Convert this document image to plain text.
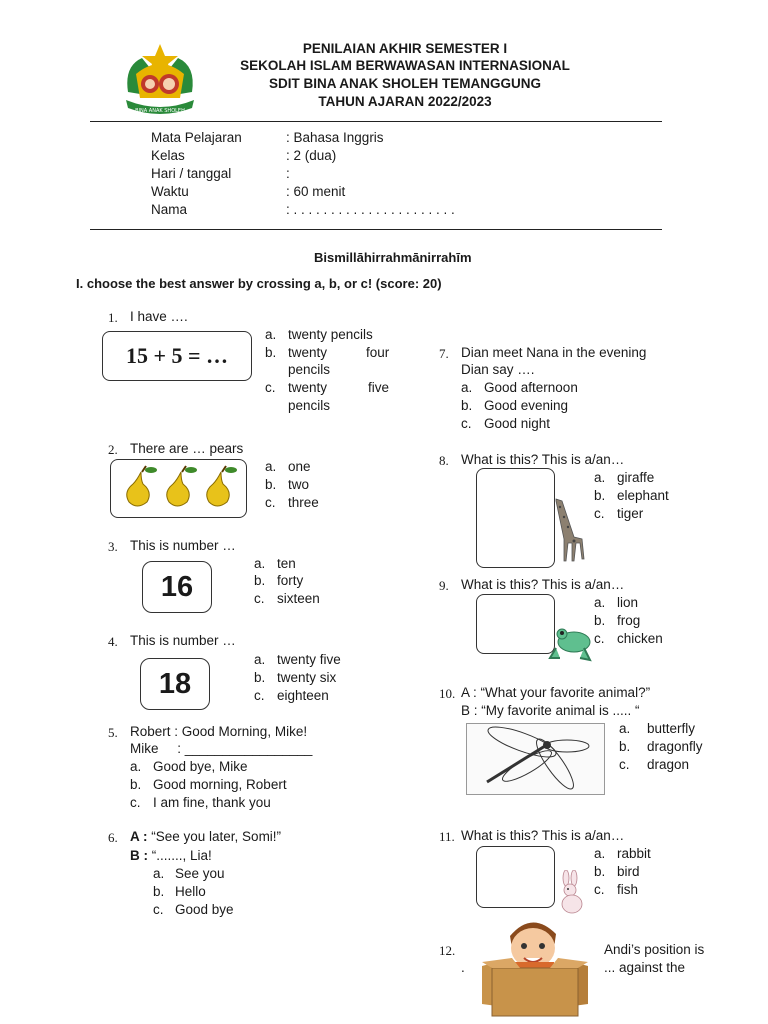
BINA ANAK SHOLEH
PENILAIAN AKHIR SEMESTER I
SEKOLAH ISLAM BERWAWASAN INTERNASIONAL
SDIT BINA ANAK SHOLEH TEMANGGUNG
TAHUN AJARAN 2022/2023
Mata Pelajaran	: Bahasa Inggris
Kelas	: 2 (dua)
Hari / tanggal	:
Waktu	: 60 menit
Nama	: . . . . . . . . . . . . . . . . . . . . . .
Bismillāhirrahmānirrahīm
I. choose the best answer by crossing a, b, or c! (score: 20)
1. I have ….
15 + 5 = …
a. twenty pencils
b. twenty	four
pencils
c. twenty	five
pencils
2. There are … pears
a. one
b. two
c. three
3. This is number …
16
a. ten
b. forty
c. sixteen
4. This is number …
18
a. twenty five
b. twenty six
c. eighteen
5. Robert : Good Morning, Mike!
Mike     : _________________
a. Good bye, Mike
b. Good morning, Robert
c. I am fine, thank you
6. A : “See you later, Somi!”
B : “......., Lia!
a. See you
b. Hello
c. Good bye
7. Dian meet Nana in the evening
Dian say ….
a. Good afternoon
b. Good evening
c. Good night
8. What is this? This is a/an…
a. giraffe
b. elephant
c. tiger
9. What is this? This is a/an…
a. lion
b. frog
c. chicken
10. A : “What your favorite animal?”
B : “My favorite animal is ..... “
a. butterfly
b. dragonfly
c. dragon
11. What is this? This is a/an…
a. rabbit
b. bird
c. fish
12.
.
Andi’s position is
... against the
